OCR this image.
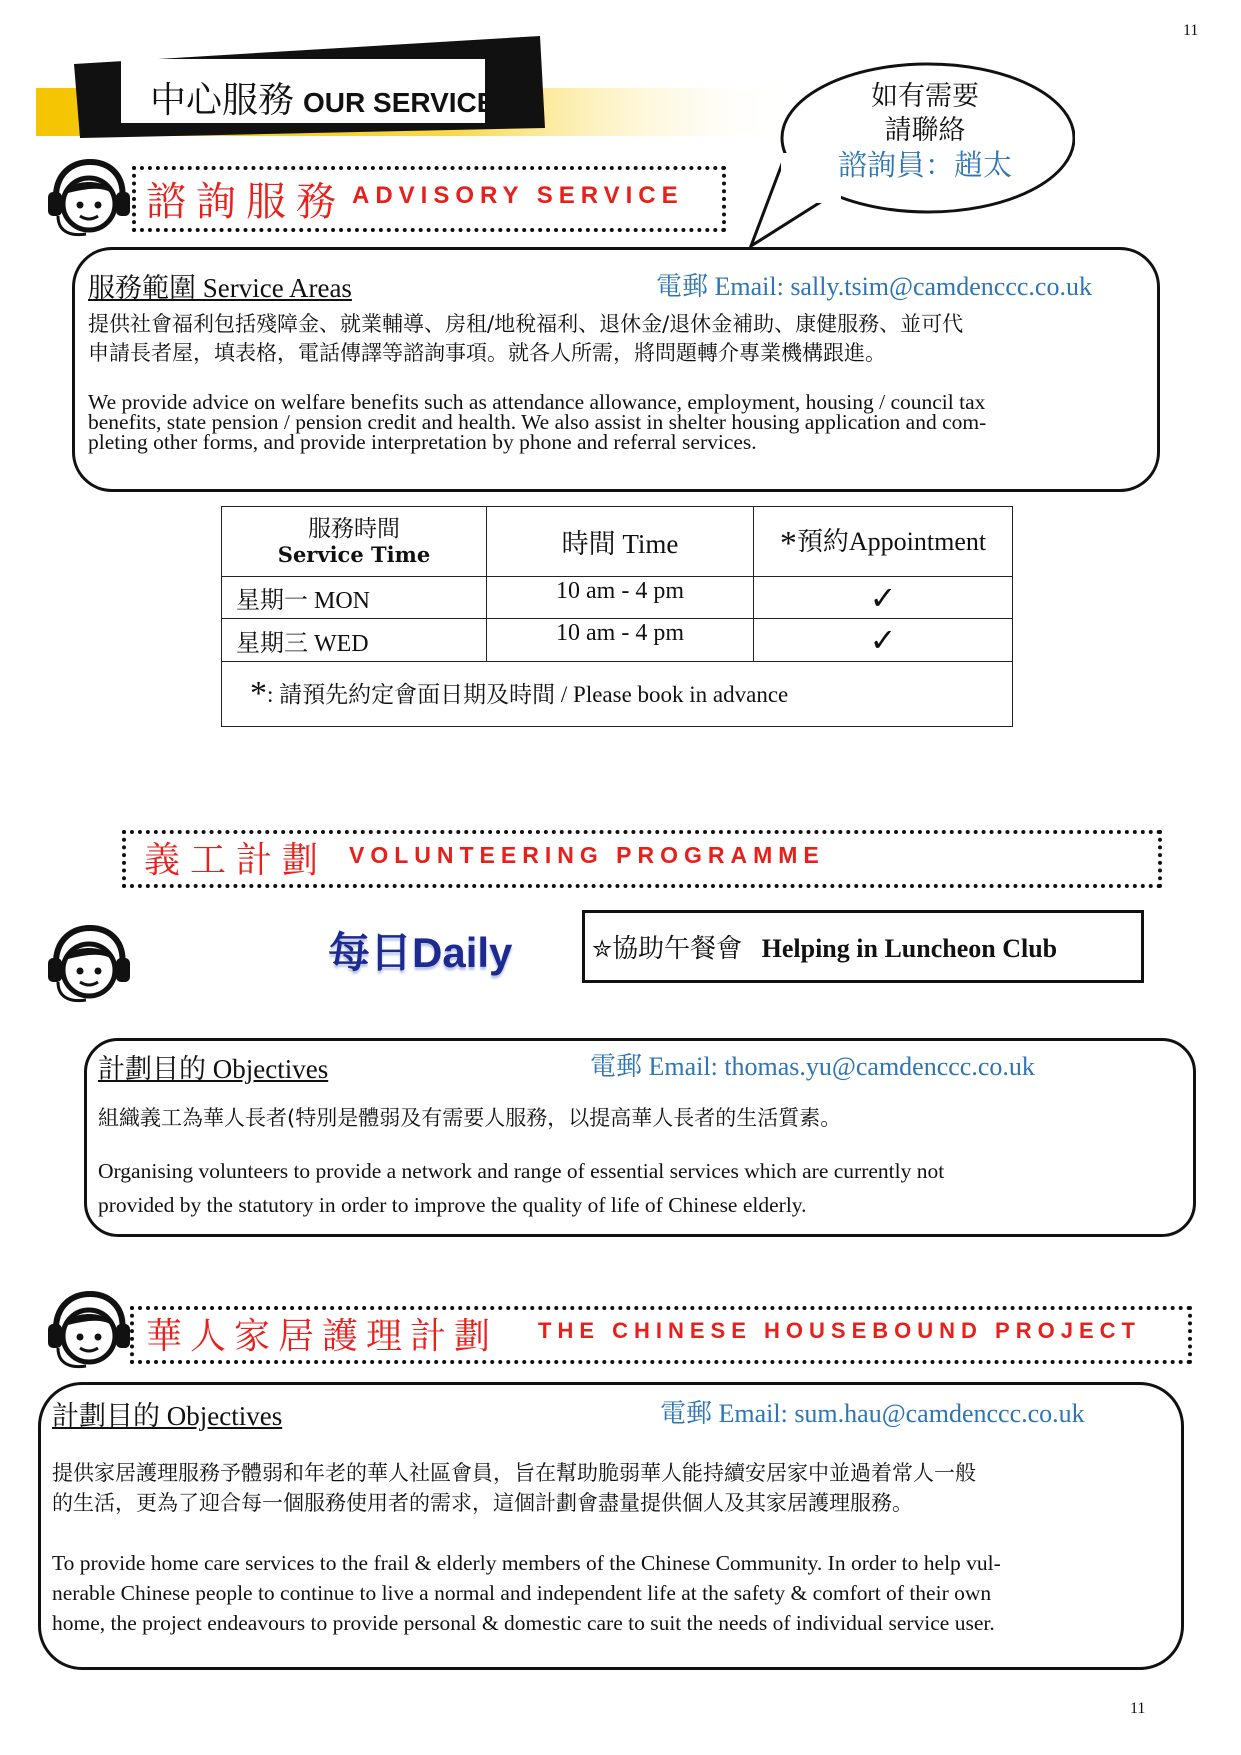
11
11
中心服務 OUR SERVICES	如有需要
請聯絡
諮詢員：趙太
諮詢服務 ADVISORY SERVICE
服務範圍 Service Areas	電郵 Email: sally.tsim@camdenccc.co.uk
提供社會福利包括殘障金、就業輔導、房租/地稅福利、退休金/退休金補助、康健服務、並可代
申請長者屋，填表格，電話傳譯等諮詢事項。就各人所需，將問題轉介專業機構跟進。
We provide advice on welfare benefits such as attendance allowance, employment, housing / council tax
benefits, state pension / pension credit and health. We also assist in shelter housing application and com-
pleting other forms, and provide interpretation by phone and referral services.
服務時間
Service Time	時間 Time	*預約Appointment
星期一 MON	10 am - 4 pm	✓
星期三 WED	10 am - 4 pm	✓
*: 請預先約定會面日期及時間 / Please book in advance		
義工計劃 VOLUNTEERING PROGRAMME
每日Daily	✮協助午餐會 Helping in Luncheon Club
計劃目的 Objectives	電郵 Email: thomas.yu@camdenccc.co.uk
組織義工為華人長者(特別是體弱及有需要人服務，以提高華人長者的生活質素。
Organising volunteers to provide a network and range of essential services which are currently not
provided by the statutory in order to improve the quality of life of Chinese elderly.
華人家居護理計劃 THE CHINESE HOUSEBOUND PROJECT
計劃目的 Objectives	電郵 Email: sum.hau@camdenccc.co.uk
提供家居護理服務予體弱和年老的華人社區會員，旨在幫助脆弱華人能持續安居家中並過着常人一般
的生活，更為了迎合每一個服務使用者的需求，這個計劃會盡量提供個人及其家居護理服務。
To provide home care services to the frail & elderly members of the Chinese Community. In order to help vul-
nerable Chinese people to continue to live a normal and independent life at the safety & comfort of their own
home, the project endeavours to provide personal & domestic care to suit the needs of individual service user.
